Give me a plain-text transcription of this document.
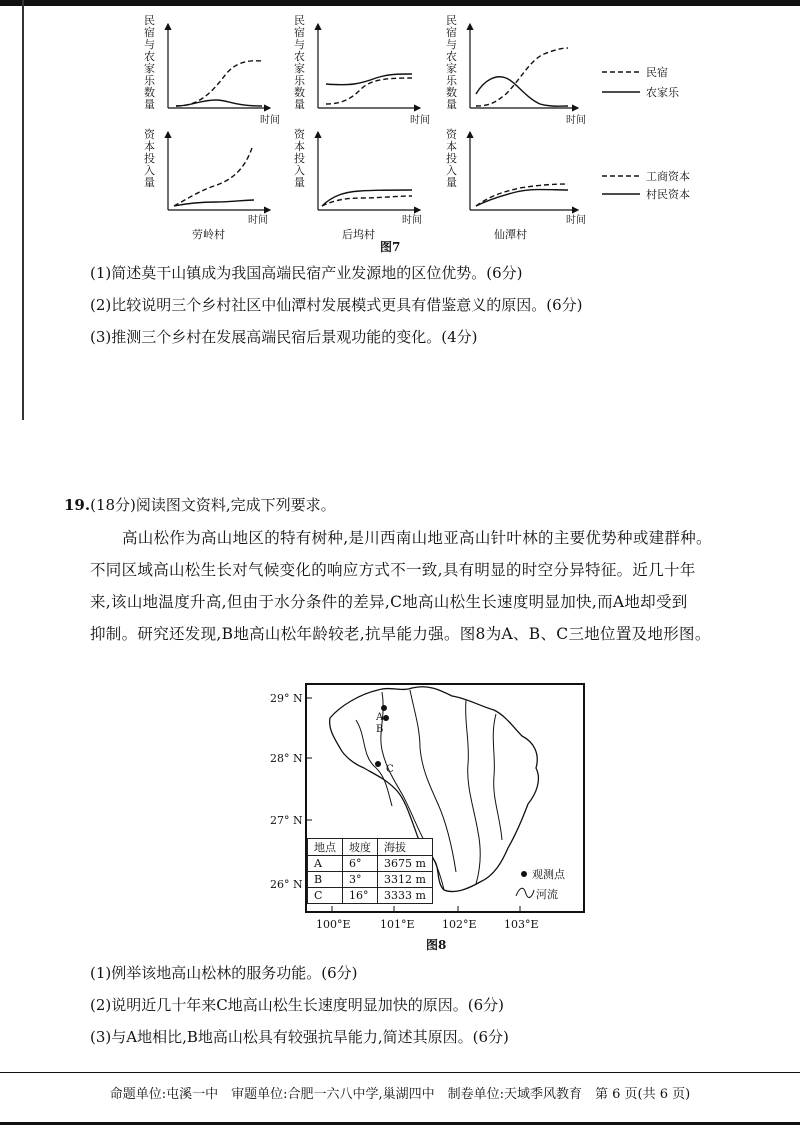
民宿与农家乐数量
民宿与农家乐数量
民宿与农家乐数量
资本投入量
资本投入量
资本投入量
时间	时间	时间
民宿
农家乐
时间
劳岭村
时间
后坞村
时间
仙潭村
工商资本
村民资本
图7
(1)简述莫干山镇成为我国高端民宿产业发源地的区位优势。(6分)
(2)比较说明三个乡村社区中仙潭村发展模式更具有借鉴意义的原因。(6分)
(3)推测三个乡村在发展高端民宿后景观功能的变化。(4分)
19.(18分)阅读图文资料,完成下列要求。
高山松作为高山地区的特有树种,是川西南山地亚高山针叶林的主要优势种或建群种。
不同区域高山松生长对气候变化的响应方式不一致,具有明显的时空分异特征。近几十年
来,该山地温度升高,但由于水分条件的差异,C地高山松生长速度明显加快,而A地却受到
抑制。研究还发现,B地高山松年龄较老,抗旱能力强。图8为A、B、C三地位置及地形图。
29° N
28° N
27° N
26° N
100°E	101°E 102°E 103°E
A
B
C
观测点
河流
地点	坡度	海拔
A	6°	3675 m
B	3°	3312 m
C	16°	3333 m
图8
(1)例举该地高山松林的服务功能。(6分)
(2)说明近几十年来C地高山松生长速度明显加快的原因。(6分)
(3)与A地相比,B地高山松具有较强抗旱能力,简述其原因。(6分)
命题单位:屯溪一中　审题单位:合肥一六八中学,巢湖四中　制卷单位:天域季风教育　第 6 页(共 6 页)
